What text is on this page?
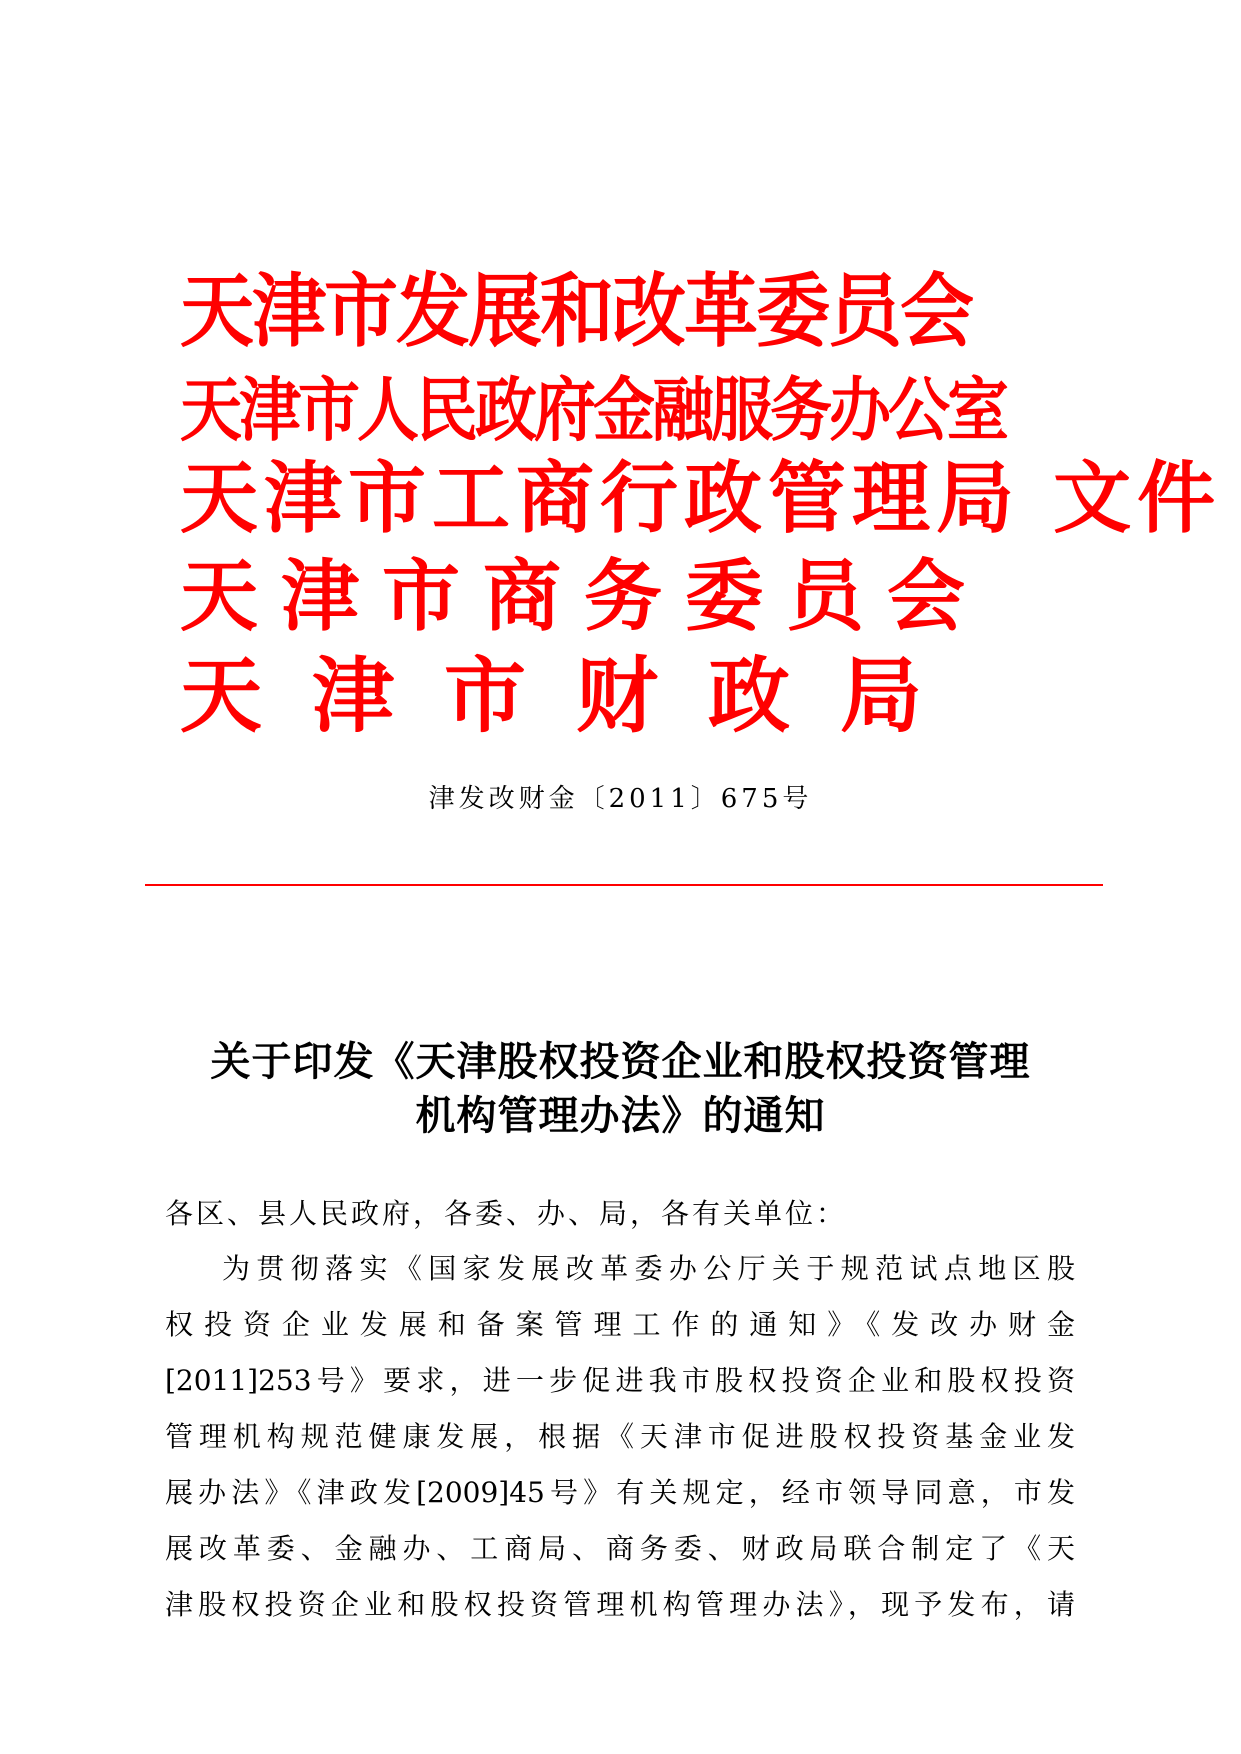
天津市发展和改革委员会
天津市人民政府金融服务办公室
天津市工商行政管理局 文件
天津市商务委员会
天津市财政局
津发改财金〔2011〕675号
关于印发《天津股权投资企业和股权投资管理
机构管理办法》的通知
各区、县人民政府，各委、办、局，各有关单位：
为贯彻落实《国家发展改革委办公厅关于规范试点地区股
权投资企业发展和备案管理工作的通知》《发改办财金
[2011]253号》要求，进一步促进我市股权投资企业和股权投资
管理机构规范健康发展，根据《天津市促进股权投资基金业发
展办法》《津政发[2009]45号》有关规定，经市领导同意，市发
展改革委、金融办、工商局、商务委、财政局联合制定了《天
津股权投资企业和股权投资管理机构管理办法》，现予发布，请
